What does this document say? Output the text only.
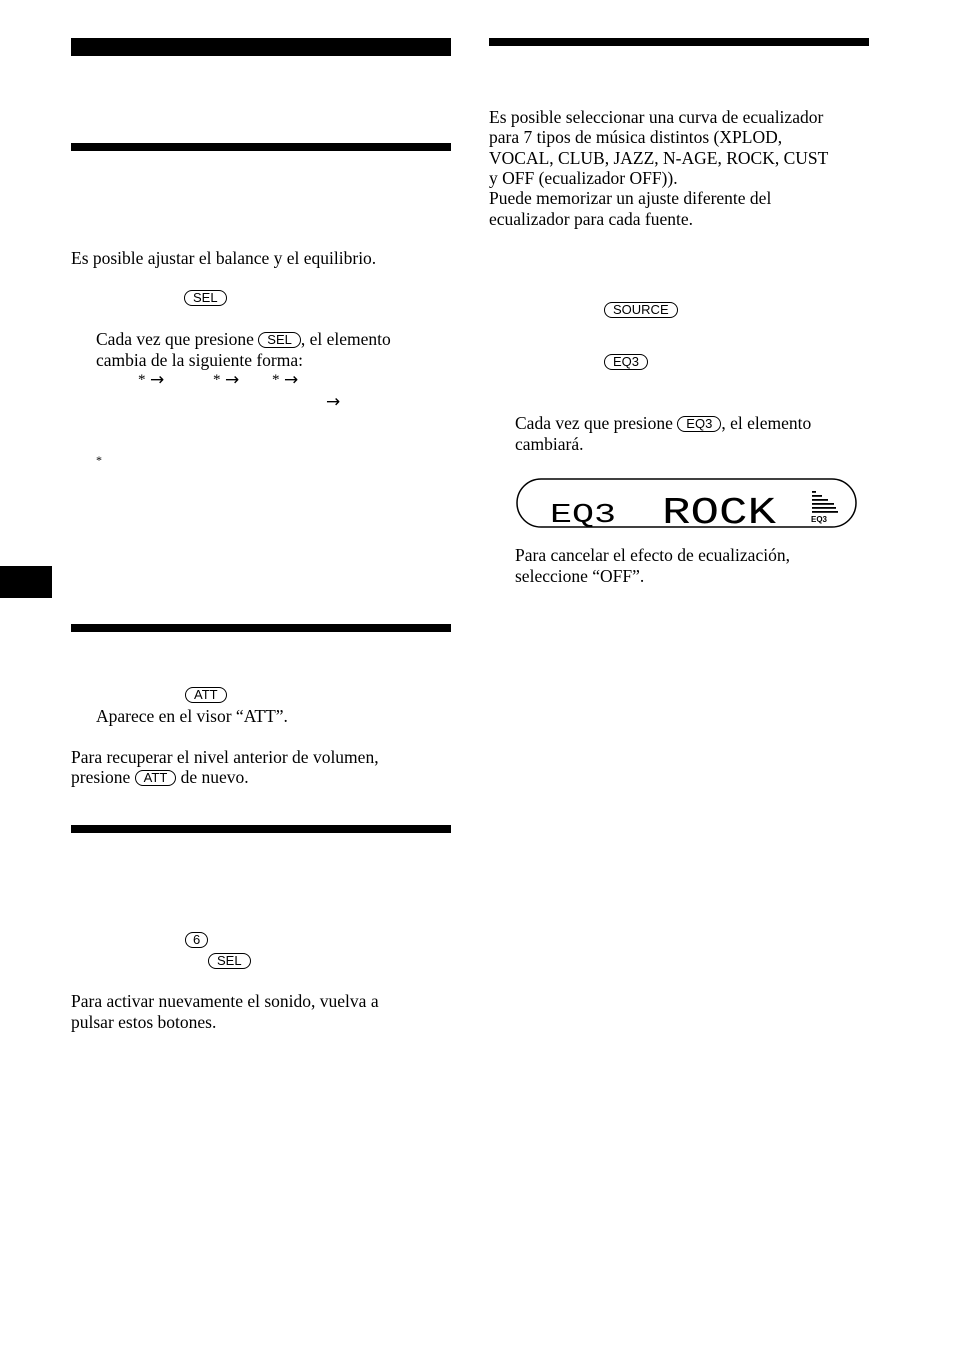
Es posible ajustar el balance y el equilibrio.

SEL

Cada vez que presione SEL , el elemento

cambia de la siguiente forma:

* →	* → * →
→
*
ATT

Aparece en el visor “ATT”.

Para recuperar el nivel anterior de volumen,

presione ATT de nuevo.

6
SEL

Para activar nuevamente el sonido, vuelva a

pulsar estos botones.

Es posible seleccionar una curva de ecualizador

para 7 tipos de música distintos (XPLOD,

VOCAL, CLUB, JAZZ, N-AGE, ROCK, CUST

y OFF (ecualizador OFF)).

Puede memorizar un ajuste diferente del

ecualizador para cada fuente.

SOURCE
EQ3

Cada vez que presione EQ3 , el elemento

cambiará.

EQ3 ROCK	EQ3

Para cancelar el efecto de ecualización,

seleccione “OFF”.
